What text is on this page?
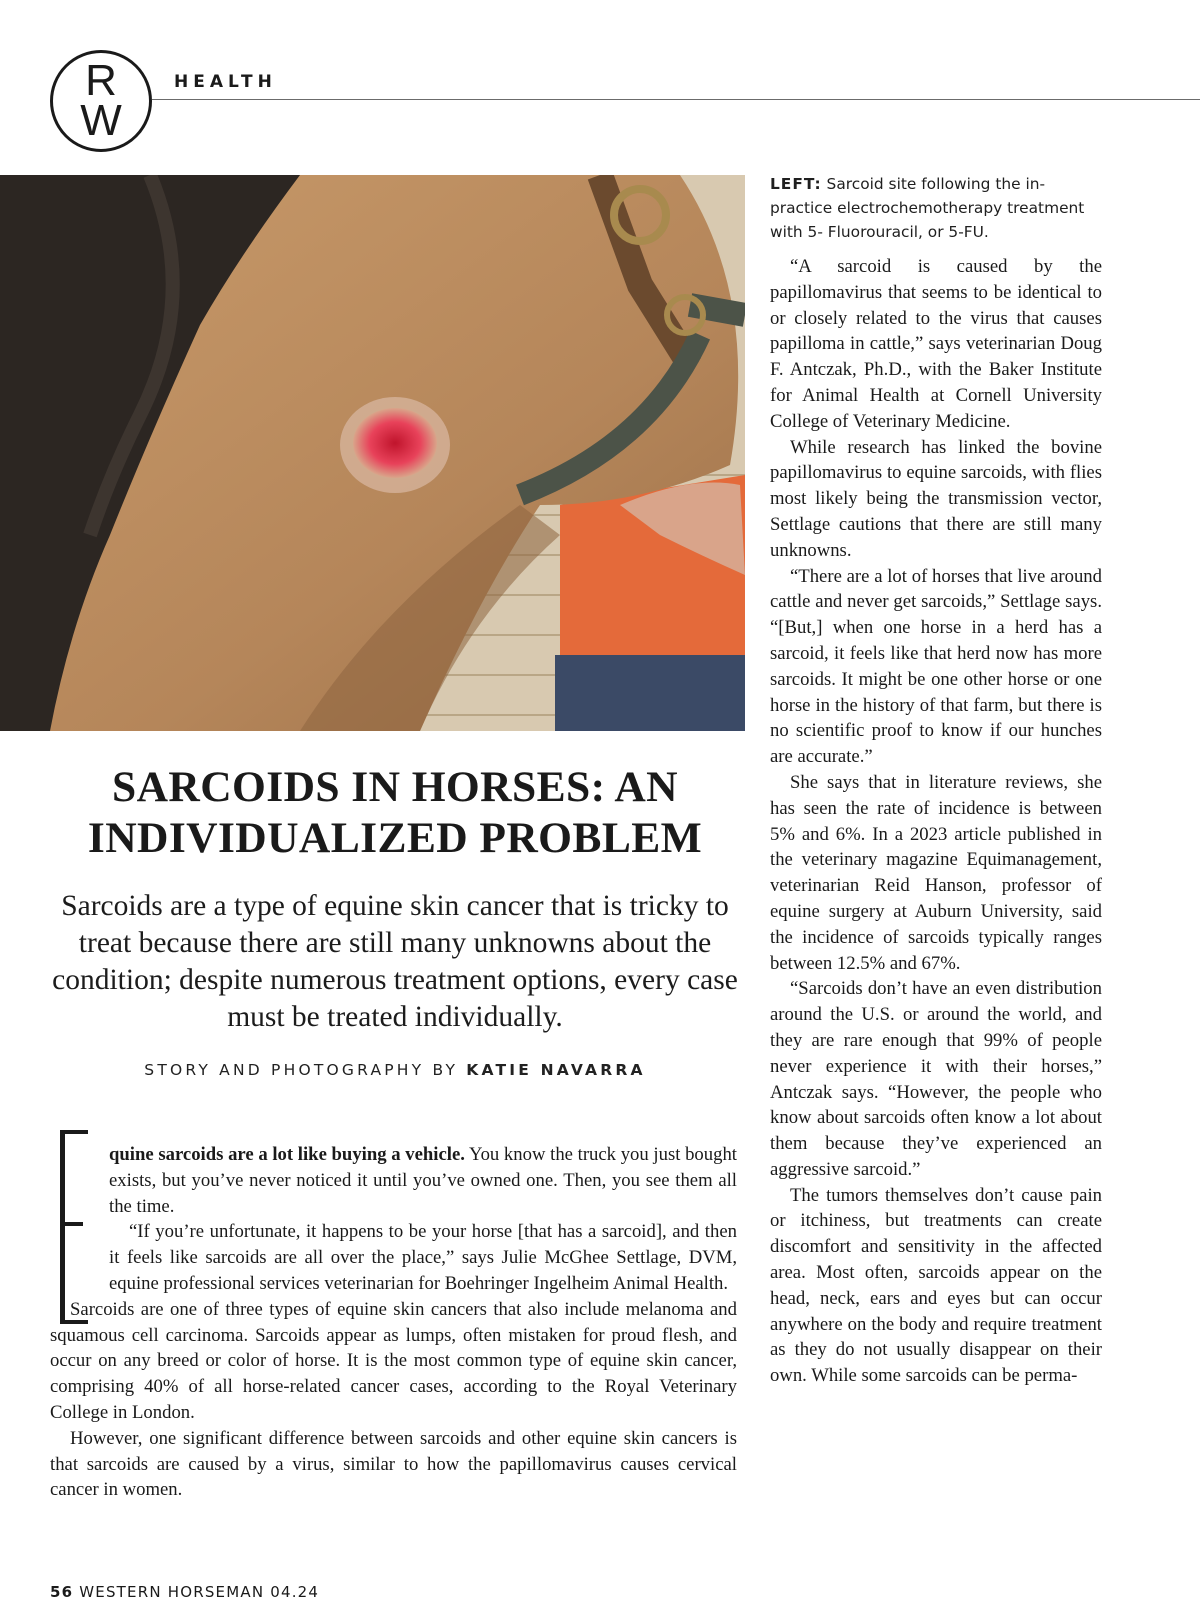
R
W
HEALTH

LEFT: Sarcoid site following the in-practice electrochemotherapy treatment with 5- Fluorouracil, or 5-FU.

“A sarcoid is caused by the papillomavirus that seems to be identical to or closely related to the virus that causes papilloma in cattle,” says veterinarian Doug F. Antczak, Ph.D., with the Baker Institute for Animal Health at Cornell University College of Veterinary Medicine.

While research has linked the bovine papillomavirus to equine sarcoids, with flies most likely being the transmission vector, Settlage cautions that there are still many unknowns.

“There are a lot of horses that live around cattle and never get sarcoids,” Settlage says. “[But,] when one horse in a herd has a sarcoid, it feels like that herd now has more sarcoids. It might be one other horse or one horse in the history of that farm, but there is no scientific proof to know if our hunches are accurate.”

She says that in literature reviews, she has seen the rate of incidence is between 5% and 6%. In a 2023 article published in the veterinary magazine Equimanagement, veterinarian Reid Hanson, professor of equine surgery at Auburn University, said the incidence of sarcoids typically ranges between 12.5% and 67%.

“Sarcoids don’t have an even distribution around the U.S. or around the world, and they are rare enough that 99% of people never experience it with their horses,” Antczak says. “However, the people who know about sarcoids often know a lot about them because they’ve experienced an aggressive sarcoid.”

The tumors themselves don’t cause pain or itchiness, but treatments can create discomfort and sensitivity in the affected area. Most often, sarcoids appear on the head, neck, ears and eyes but can occur anywhere on the body and require treatment as they do not usually disappear on their own. While some sarcoids can be perma-

SARCOIDS IN HORSES: AN INDIVIDUALIZED PROBLEM

Sarcoids are a type of equine skin cancer that is tricky to treat because there are still many unknowns about the condition; despite numerous treatment options, every case must be treated individually.

STORY AND PHOTOGRAPHY BY KATIE NAVARRA

quine sarcoids are a lot like buying a vehicle. You know the truck you just bought exists, but you’ve never noticed it until you’ve owned one. Then, you see them all the time.

“If you’re unfortunate, it happens to be your horse [that has a sarcoid], and then it feels like sarcoids are all over the place,” says Julie McGhee Settlage, DVM, equine professional services veterinarian for Boehringer Ingelheim Animal Health.

Sarcoids are one of three types of equine skin cancers that also include melanoma and squamous cell carcinoma. Sarcoids appear as lumps, often mistaken for proud flesh, and occur on any breed or color of horse. It is the most common type of equine skin cancer, comprising 40% of all horse-related cancer cases, according to the Royal Veterinary College in London.

However, one significant difference between sarcoids and other equine skin cancers is that sarcoids are caused by a virus, similar to how the papillomavirus causes cervical cancer in women.

56 WESTERN HORSEMAN 04.24
